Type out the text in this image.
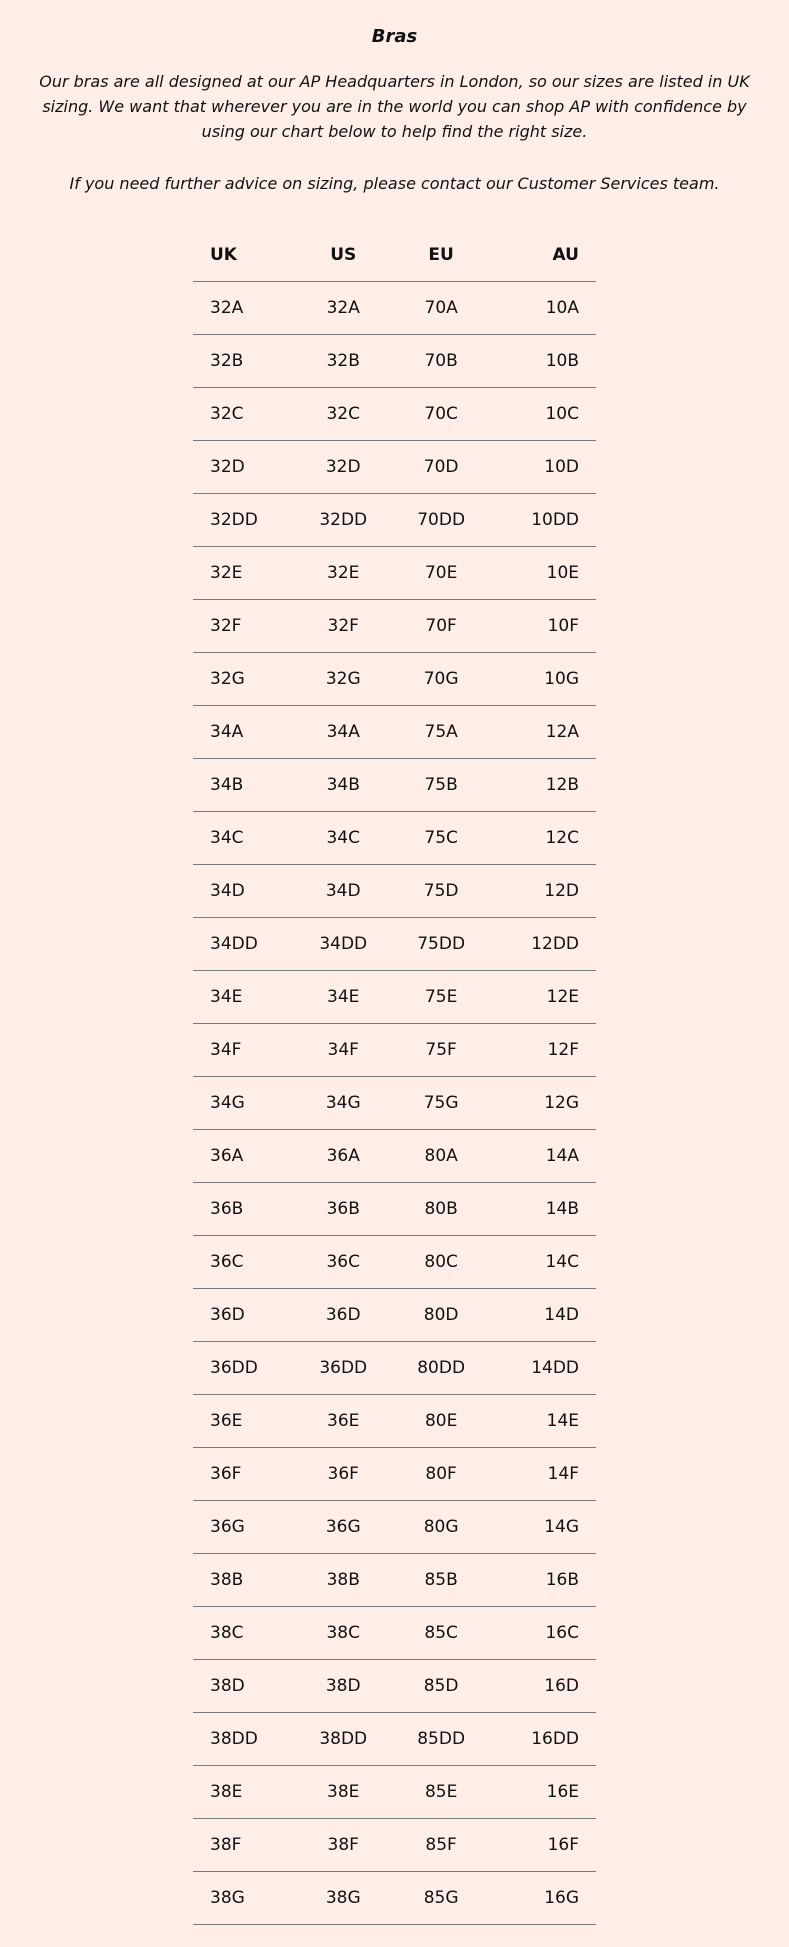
Bras

Our bras are all designed at our AP Headquarters in London, so our sizes are listed in UK sizing. We want that wherever you are in the world you can shop AP with confidence by using our chart below to help find the right size.

If you need further advice on sizing, please contact our Customer Services team.

UK	US	EU	AU
32A	32A	70A	10A
32B	32B	70B	10B
32C	32C	70C	10C
32D	32D	70D	10D
32DD	32DD	70DD	10DD
32E	32E	70E	10E
32F	32F	70F	10F
32G	32G	70G	10G
34A	34A	75A	12A
34B	34B	75B	12B
34C	34C	75C	12C
34D	34D	75D	12D
34DD	34DD	75DD	12DD
34E	34E	75E	12E
34F	34F	75F	12F
34G	34G	75G	12G
36A	36A	80A	14A
36B	36B	80B	14B
36C	36C	80C	14C
36D	36D	80D	14D
36DD	36DD	80DD	14DD
36E	36E	80E	14E
36F	36F	80F	14F
36G	36G	80G	14G
38B	38B	85B	16B
38C	38C	85C	16C
38D	38D	85D	16D
38DD	38DD	85DD	16DD
38E	38E	85E	16E
38F	38F	85F	16F
38G	38G	85G	16G
